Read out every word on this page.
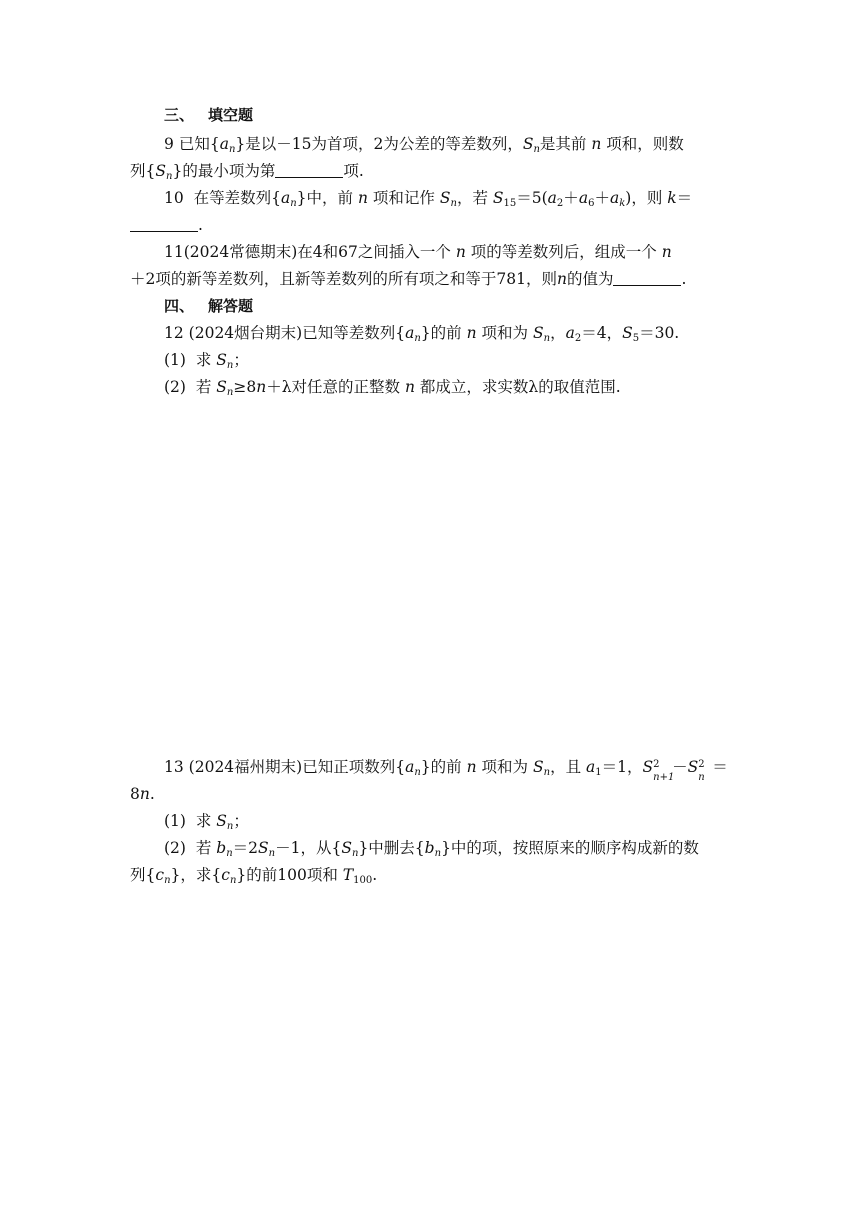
三、 填空题
9 已知$\{a_n\}$是以－15为首项，2为公差的等差数列，$S_n$是其前 n 项和，则数
列$\{S_n\}$的最小项为第	项.
10 在等差数列$\{a_n\}$中，前 n 项和记作 $S_n$，若 $S_{15}=5(a_2+a_6+a_k)$，则 k＝
.
11(2024常德期末)在4和67之间插入一个 n 项的等差数列后，组成一个 n
＋2项的新等差数列，且新等差数列的所有项之和等于781，则n的值为	.
四、 解答题
12 (2024烟台期末)已知等差数列$\{a_n\}$的前 n 项和为 $S_n$，$a_2=4$，$S_5=30$.
(1) 求 $S_n$；
(2) 若 $S_n\ge 8n+\lambda$对任意的正整数 n 都成立，求实数λ的取值范围.
13 (2024福州期末)已知正项数列$\{a_n\}$的前 n 项和为 $S_n$，且 $a_1=1$，S 2
n+1
－S 2
n
＝
8n.
(1) 求 $S_n$；
(2) 若 $b_n=2S_n-1$，从$\{S_n\}$中删去$\{b_n\}$中的项，按照原来的顺序构成新的数
列$\{c_n\}$，求$\{c_n\}$的前100项和 $T_{100}$.
